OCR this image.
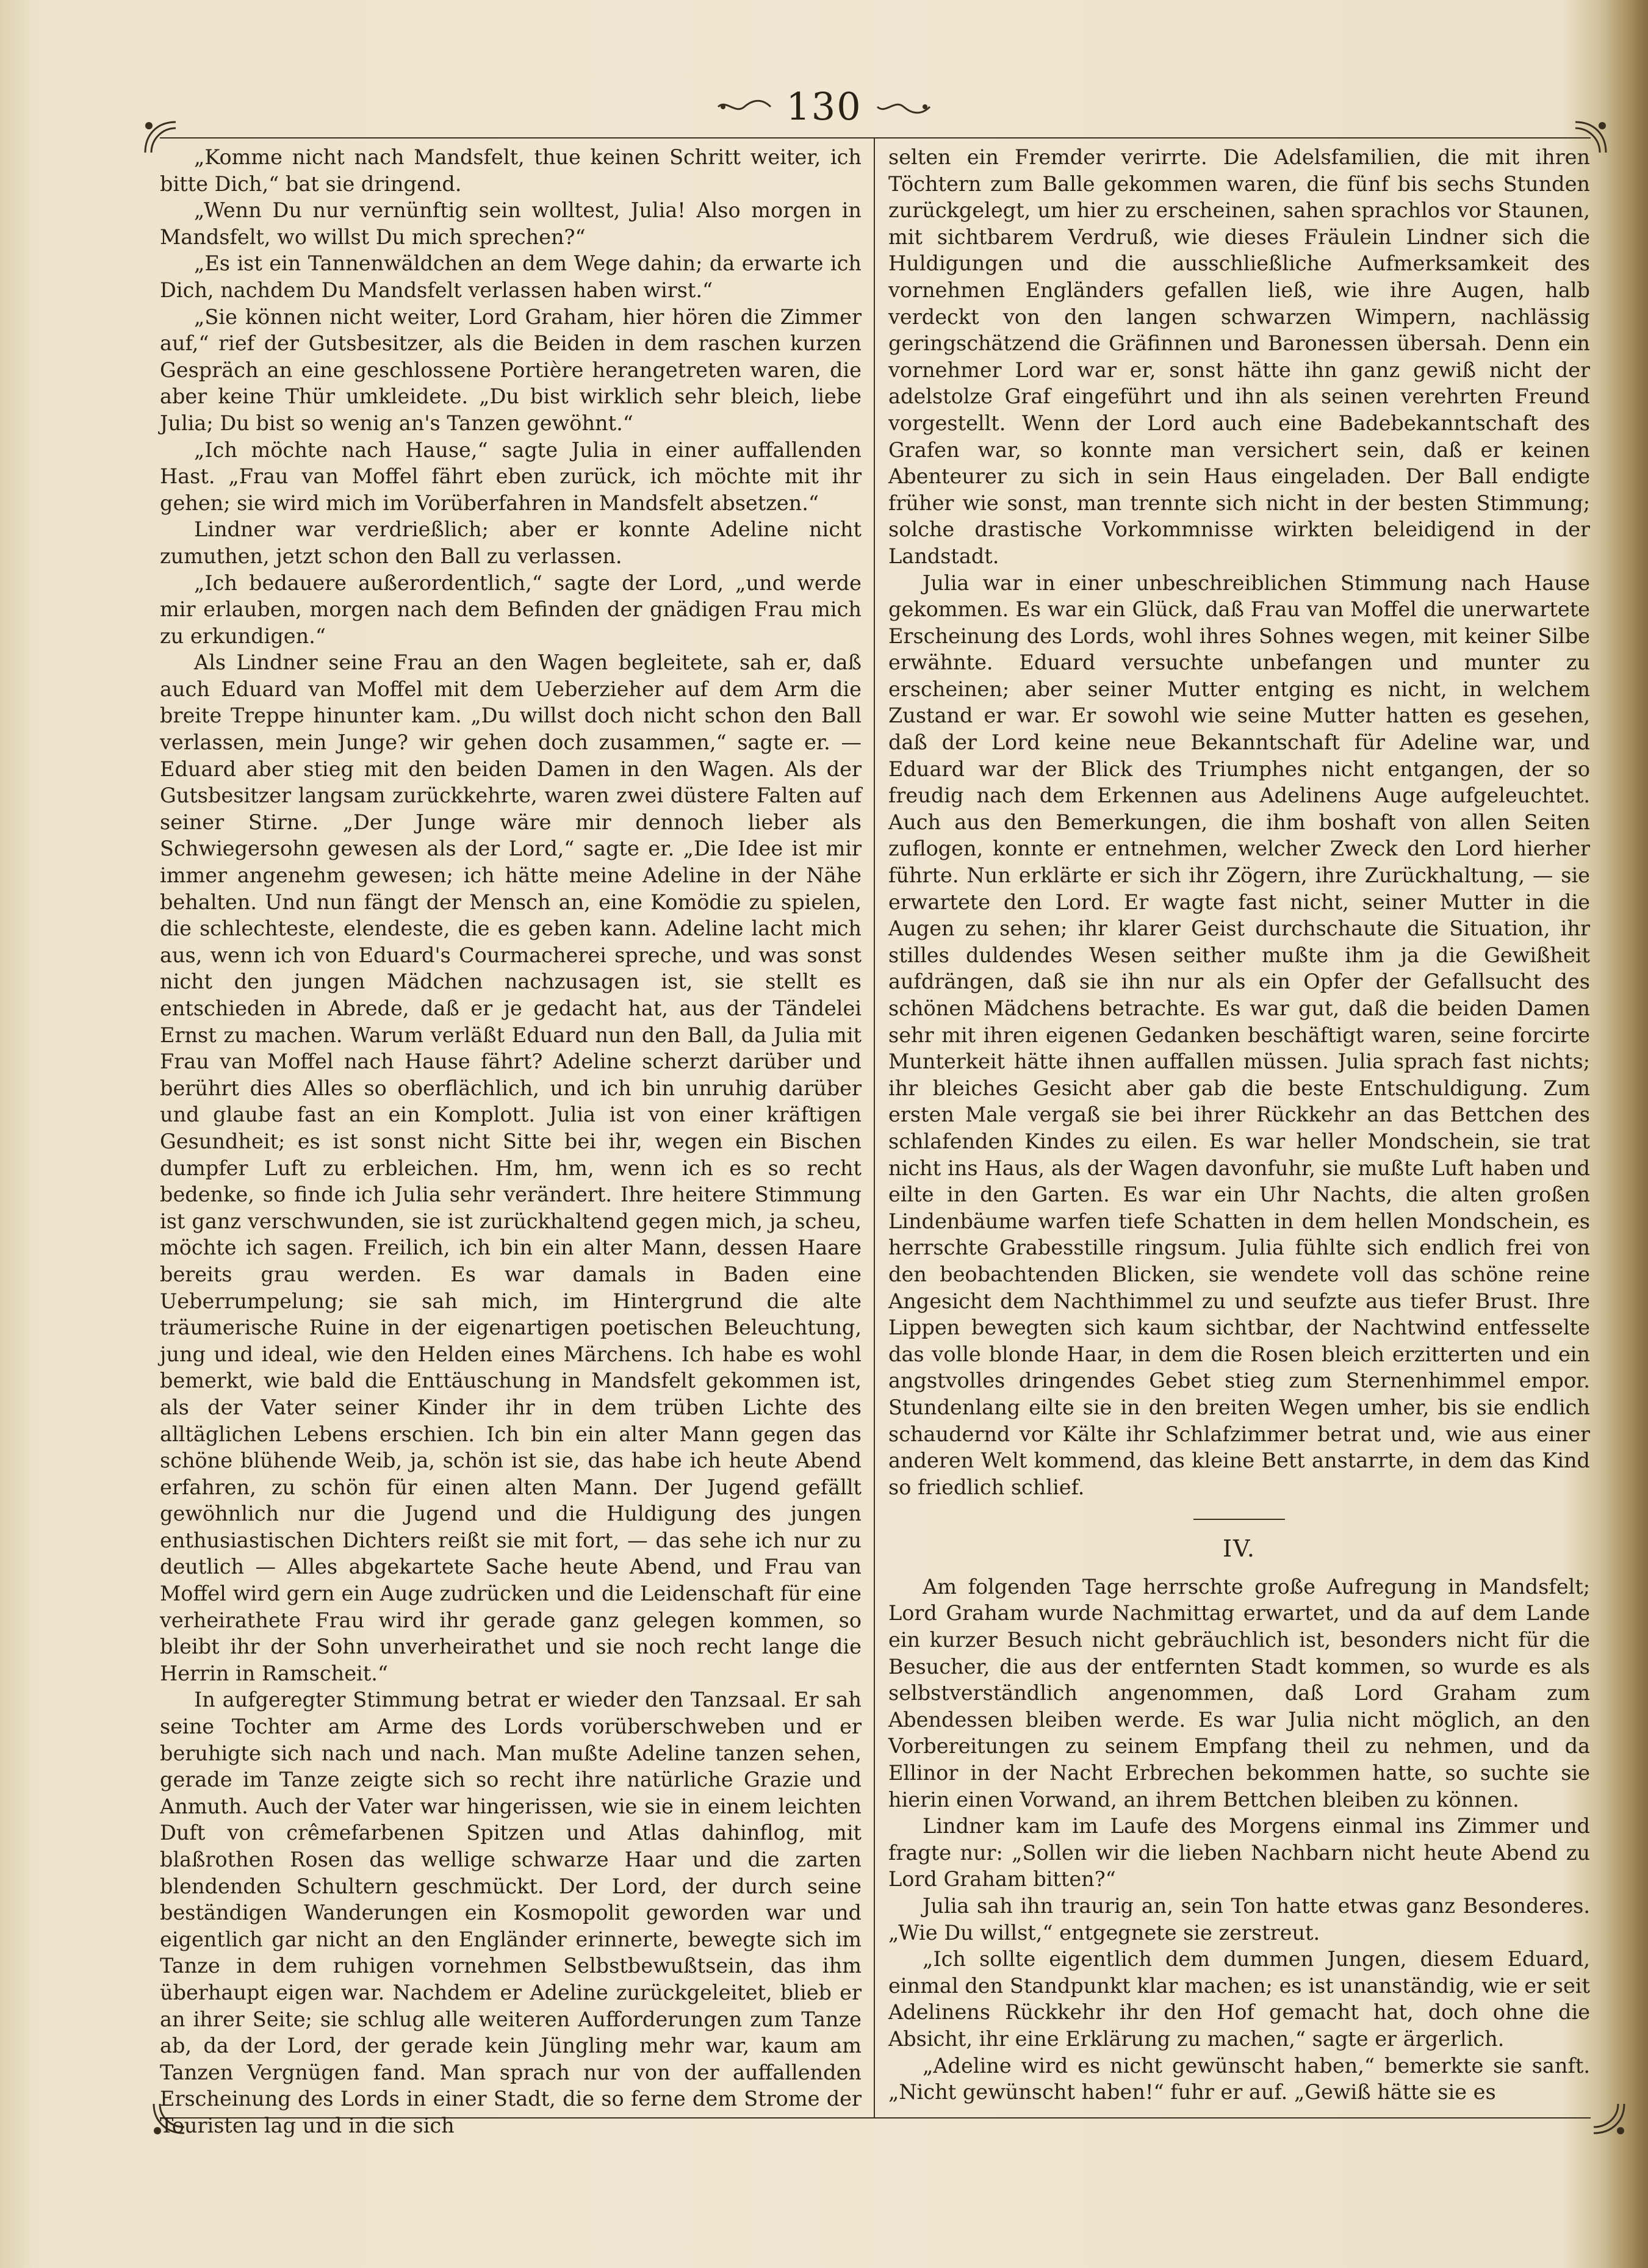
130

„Komme nicht nach Mandsfelt, thue keinen Schritt weiter, ich bitte Dich,“ bat sie dringend.

„Wenn Du nur vernünftig sein wolltest, Julia! Also morgen in Mandsfelt, wo willst Du mich sprechen?“

„Es ist ein Tannenwäldchen an dem Wege dahin; da erwarte ich Dich, nachdem Du Mandsfelt verlassen haben wirst.“

„Sie können nicht weiter, Lord Graham, hier hören die Zimmer auf,“ rief der Gutsbesitzer, als die Beiden in dem raschen kurzen Gespräch an eine geschlossene Portière herangetreten waren, die aber keine Thür umkleidete. „Du bist wirklich sehr bleich, liebe Julia; Du bist so wenig an's Tanzen gewöhnt.“

„Ich möchte nach Hause,“ sagte Julia in einer auffallenden Hast. „Frau van Moffel fährt eben zurück, ich möchte mit ihr gehen; sie wird mich im Vorüberfahren in Mandsfelt absetzen.“

Lindner war verdrießlich; aber er konnte Adeline nicht zumuthen, jetzt schon den Ball zu verlassen.

„Ich bedauere außerordentlich,“ sagte der Lord, „und werde mir erlauben, morgen nach dem Befinden der gnädigen Frau mich zu erkundigen.“

Als Lindner seine Frau an den Wagen begleitete, sah er, daß auch Eduard van Moffel mit dem Ueberzieher auf dem Arm die breite Treppe hinunter kam. „Du willst doch nicht schon den Ball verlassen, mein Junge? wir gehen doch zusammen,“ sagte er. — Eduard aber stieg mit den beiden Damen in den Wagen. Als der Gutsbesitzer langsam zurückkehrte, waren zwei düstere Falten auf seiner Stirne. „Der Junge wäre mir dennoch lieber als Schwiegersohn gewesen als der Lord,“ sagte er. „Die Idee ist mir immer angenehm gewesen; ich hätte meine Adeline in der Nähe behalten. Und nun fängt der Mensch an, eine Komödie zu spielen, die schlechteste, elendeste, die es geben kann. Adeline lacht mich aus, wenn ich von Eduard's Courmacherei spreche, und was sonst nicht den jungen Mädchen nachzusagen ist, sie stellt es entschieden in Abrede, daß er je gedacht hat, aus der Tändelei Ernst zu machen. Warum verläßt Eduard nun den Ball, da Julia mit Frau van Moffel nach Hause fährt? Adeline scherzt darüber und berührt dies Alles so oberflächlich, und ich bin unruhig darüber und glaube fast an ein Komplott. Julia ist von einer kräftigen Gesundheit; es ist sonst nicht Sitte bei ihr, wegen ein Bischen dumpfer Luft zu erbleichen. Hm, hm, wenn ich es so recht bedenke, so finde ich Julia sehr verändert. Ihre heitere Stimmung ist ganz verschwunden, sie ist zurückhaltend gegen mich, ja scheu, möchte ich sagen. Freilich, ich bin ein alter Mann, dessen Haare bereits grau werden. Es war damals in Baden eine Ueberrumpelung; sie sah mich, im Hintergrund die alte träumerische Ruine in der eigenartigen poetischen Beleuchtung, jung und ideal, wie den Helden eines Märchens. Ich habe es wohl bemerkt, wie bald die Enttäuschung in Mandsfelt gekommen ist, als der Vater seiner Kinder ihr in dem trüben Lichte des alltäglichen Lebens erschien. Ich bin ein alter Mann gegen das schöne blühende Weib, ja, schön ist sie, das habe ich heute Abend erfahren, zu schön für einen alten Mann. Der Jugend gefällt gewöhnlich nur die Jugend und die Huldigung des jungen enthusiastischen Dichters reißt sie mit fort, — das sehe ich nur zu deutlich — Alles abgekartete Sache heute Abend, und Frau van Moffel wird gern ein Auge zudrücken und die Leidenschaft für eine verheirathete Frau wird ihr gerade ganz gelegen kommen, so bleibt ihr der Sohn unverheirathet und sie noch recht lange die Herrin in Ramscheit.“

In aufgeregter Stimmung betrat er wieder den Tanzsaal. Er sah seine Tochter am Arme des Lords vorüberschweben und er beruhigte sich nach und nach. Man mußte Adeline tanzen sehen, gerade im Tanze zeigte sich so recht ihre natürliche Grazie und Anmuth. Auch der Vater war hingerissen, wie sie in einem leichten Duft von crêmefarbenen Spitzen und Atlas dahinflog, mit blaßrothen Rosen das wellige schwarze Haar und die zarten blendenden Schultern geschmückt. Der Lord, der durch seine beständigen Wanderungen ein Kosmopolit geworden war und eigentlich gar nicht an den Engländer erinnerte, bewegte sich im Tanze in dem ruhigen vornehmen Selbstbewußtsein, das ihm überhaupt eigen war. Nachdem er Adeline zurückgeleitet, blieb er an ihrer Seite; sie schlug alle weiteren Aufforderungen zum Tanze ab, da der Lord, der gerade kein Jüngling mehr war, kaum am Tanzen Vergnügen fand. Man sprach nur von der auffallenden Erscheinung des Lords in einer Stadt, die so ferne dem Strome der Touristen lag und in die sich

selten ein Fremder verirrte. Die Adelsfamilien, die mit ihren Töchtern zum Balle gekommen waren, die fünf bis sechs Stunden zurückgelegt, um hier zu erscheinen, sahen sprachlos vor Staunen, mit sichtbarem Verdruß, wie dieses Fräulein Lindner sich die Huldigungen und die ausschließliche Aufmerksamkeit des vornehmen Engländers gefallen ließ, wie ihre Augen, halb verdeckt von den langen schwarzen Wimpern, nachlässig geringschätzend die Gräfinnen und Baronessen übersah. Denn ein vornehmer Lord war er, sonst hätte ihn ganz gewiß nicht der adelstolze Graf eingeführt und ihn als seinen verehrten Freund vorgestellt. Wenn der Lord auch eine Badebekanntschaft des Grafen war, so konnte man versichert sein, daß er keinen Abenteurer zu sich in sein Haus eingeladen. Der Ball endigte früher wie sonst, man trennte sich nicht in der besten Stimmung; solche drastische Vorkommnisse wirkten beleidigend in der Landstadt.

Julia war in einer unbeschreiblichen Stimmung nach Hause gekommen. Es war ein Glück, daß Frau van Moffel die unerwartete Erscheinung des Lords, wohl ihres Sohnes wegen, mit keiner Silbe erwähnte. Eduard versuchte unbefangen und munter zu erscheinen; aber seiner Mutter entging es nicht, in welchem Zustand er war. Er sowohl wie seine Mutter hatten es gesehen, daß der Lord keine neue Bekanntschaft für Adeline war, und Eduard war der Blick des Triumphes nicht entgangen, der so freudig nach dem Erkennen aus Adelinens Auge aufgeleuchtet. Auch aus den Bemerkungen, die ihm boshaft von allen Seiten zuflogen, konnte er entnehmen, welcher Zweck den Lord hierher führte. Nun erklärte er sich ihr Zögern, ihre Zurückhaltung, — sie erwartete den Lord. Er wagte fast nicht, seiner Mutter in die Augen zu sehen; ihr klarer Geist durchschaute die Situation, ihr stilles duldendes Wesen seither mußte ihm ja die Gewißheit aufdrängen, daß sie ihn nur als ein Opfer der Gefallsucht des schönen Mädchens betrachte. Es war gut, daß die beiden Damen sehr mit ihren eigenen Gedanken beschäftigt waren, seine forcirte Munterkeit hätte ihnen auffallen müssen. Julia sprach fast nichts; ihr bleiches Gesicht aber gab die beste Entschuldigung. Zum ersten Male vergaß sie bei ihrer Rückkehr an das Bettchen des schlafenden Kindes zu eilen. Es war heller Mondschein, sie trat nicht ins Haus, als der Wagen davonfuhr, sie mußte Luft haben und eilte in den Garten. Es war ein Uhr Nachts, die alten großen Lindenbäume warfen tiefe Schatten in dem hellen Mondschein, es herrschte Grabesstille ringsum. Julia fühlte sich endlich frei von den beobachtenden Blicken, sie wendete voll das schöne reine Angesicht dem Nachthimmel zu und seufzte aus tiefer Brust. Ihre Lippen bewegten sich kaum sichtbar, der Nachtwind entfesselte das volle blonde Haar, in dem die Rosen bleich erzitterten und ein angstvolles dringendes Gebet stieg zum Sternenhimmel empor. Stundenlang eilte sie in den breiten Wegen umher, bis sie endlich schaudernd vor Kälte ihr Schlafzimmer betrat und, wie aus einer anderen Welt kommend, das kleine Bett anstarrte, in dem das Kind so friedlich schlief.

IV.

Am folgenden Tage herrschte große Aufregung in Mandsfelt; Lord Graham wurde Nachmittag erwartet, und da auf dem Lande ein kurzer Besuch nicht gebräuchlich ist, besonders nicht für die Besucher, die aus der entfernten Stadt kommen, so wurde es als selbstverständlich angenommen, daß Lord Graham zum Abendessen bleiben werde. Es war Julia nicht möglich, an den Vorbereitungen zu seinem Empfang theil zu nehmen, und da Ellinor in der Nacht Erbrechen bekommen hatte, so suchte sie hierin einen Vorwand, an ihrem Bettchen bleiben zu können.

Lindner kam im Laufe des Morgens einmal ins Zimmer und fragte nur: „Sollen wir die lieben Nachbarn nicht heute Abend zu Lord Graham bitten?“

Julia sah ihn traurig an, sein Ton hatte etwas ganz Besonderes. „Wie Du willst,“ entgegnete sie zerstreut.

„Ich sollte eigentlich dem dummen Jungen, diesem Eduard, einmal den Standpunkt klar machen; es ist unanständig, wie er seit Adelinens Rückkehr ihr den Hof gemacht hat, doch ohne die Absicht, ihr eine Erklärung zu machen,“ sagte er ärgerlich.

„Adeline wird es nicht gewünscht haben,“ bemerkte sie sanft. „Nicht gewünscht haben!“ fuhr er auf. „Gewiß hätte sie es
